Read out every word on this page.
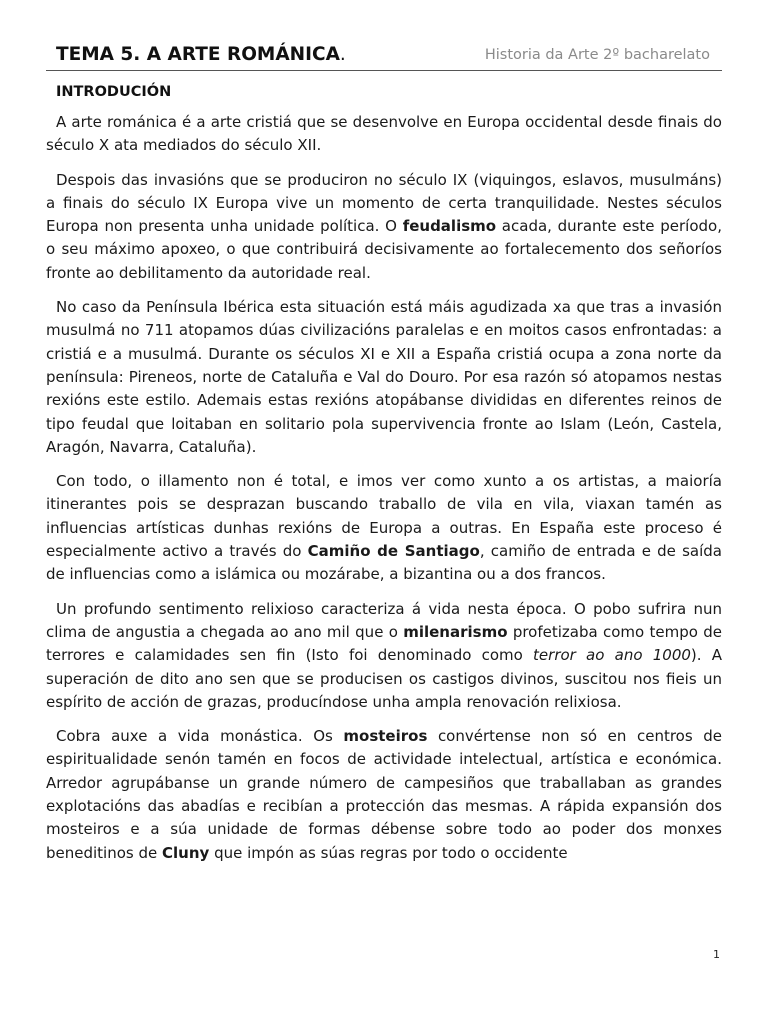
TEMA 5. A ARTE ROMÁNICA.	Historia da Arte 2º bacharelato
INTRODUCIÓN

A arte románica é a arte cristiá que se desenvolve en Europa occidental desde finais do século X ata mediados do século XII.

Despois das invasións que se produciron no século IX (viquingos, eslavos, musulmáns) a finais do século IX Europa vive un momento de certa tranquilidade. Nestes séculos Europa non presenta unha unidade política. O feudalismo acada, durante este período, o seu máximo apoxeo, o que contribuirá decisivamente ao fortalecemento dos señoríos fronte ao debilitamento da autoridade real.

No caso da Península Ibérica esta situación está máis agudizada xa que tras a invasión musulmá no 711 atopamos dúas civilizacións paralelas e en moitos casos enfrontadas: a cristiá e a musulmá. Durante os séculos XI e XII a España cristiá ocupa a zona norte da península: Pireneos, norte de Cataluña e Val do Douro. Por esa razón só atopamos nestas rexións este estilo. Ademais estas rexións atopábanse divididas en diferentes reinos de tipo feudal que loitaban en solitario pola supervivencia fronte ao Islam (León, Castela, Aragón, Navarra, Cataluña).

Con todo, o illamento non é total, e imos ver como xunto a os artistas, a maioría itinerantes pois se desprazan buscando traballo de vila en vila, viaxan tamén as influencias artísticas dunhas rexións de Europa a outras. En España este proceso é especialmente activo a través do Camiño de Santiago, camiño de entrada e de saída de influencias como a islámica ou mozárabe, a bizantina ou a dos francos.

Un profundo sentimento relixioso caracteriza á vida nesta época. O pobo sufrira nun clima de angustia a chegada ao ano mil que o milenarismo profetizaba como tempo de terrores e calamidades sen fin (Isto foi denominado como terror ao ano 1000). A superación de dito ano sen que se producisen os castigos divinos, suscitou nos fieis un espírito de acción de grazas, producíndose unha ampla renovación relixiosa.

Cobra auxe a vida monástica. Os mosteiros convértense non só en centros de espiritualidade senón tamén en focos de actividade intelectual, artística e económica. Arredor agrupábanse un grande número de campesiños que traballaban as grandes explotacións das abadías e recibían a protección das mesmas. A rápida expansión dos mosteiros e a súa unidade de formas débense sobre todo ao poder dos monxes beneditinos de Cluny que impón as súas regras por todo o occidente

1
